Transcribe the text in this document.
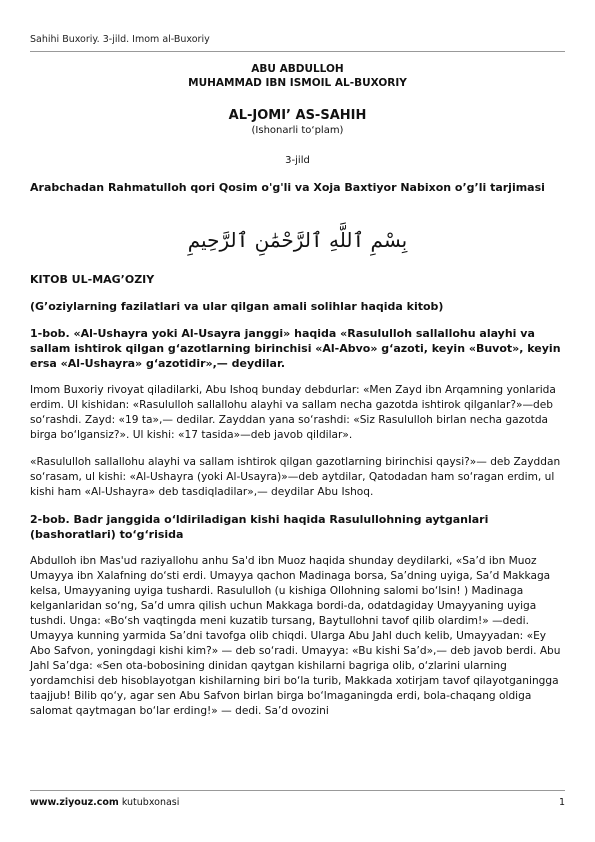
Sahihi Buxoriy. 3-jild. Imom al-Buxoriy
ABU ABDULLOH
MUHAMMAD IBN ISMOIL AL-BUXORIY
AL-JOMI’ AS-SAHIH
(Ishonarli to‘plam)
3-jild
Arabchadan Rahmatulloh qori Qosim o'g'li va Xoja Baxtiyor Nabixon o’g’li tarjimasi
بِسْمِ ٱللَّهِ ٱلرَّحْمَٰنِ ٱلرَّحِيمِ
KITOB UL-MAG’OZIY
(G’oziylarning fazilatlari va ular qilgan amali solihlar haqida kitob)
1-bob. «Al-Ushayra yoki Al-Usayra janggi» haqida «Rasululloh sallallohu alayhi va sallam ishtirok qilgan g‘azotlarning birinchisi «Al-Abvo» g‘azoti, keyin «Buvot», keyin ersa «Al-Ushayra» g‘azotidir»,— deydilar.
Imom Buxoriy rivoyat qiladilarki, Abu Ishoq bunday debdurlar: «Men Zayd ibn Arqamning yonlarida erdim. Ul kishidan: «Rasululloh sallallohu alayhi va sallam necha gazotda ishtirok qilganlar?»—deb so‘rashdi. Zayd: «19 ta»,— dedilar. Zayddan yana so‘rashdi: «Siz Rasululloh birlan necha gazotda birga bo‘lgansiz?». Ul kishi: «17 tasida»—deb javob qildilar».
«Rasululloh sallallohu alayhi va sallam ishtirok qilgan gazotlarning birinchisi qaysi?»— deb Zayddan so‘rasam, ul kishi: «Al-Ushayra (yoki Al-Usayra)»—deb aytdilar, Qatodadan ham so‘ragan erdim, ul kishi ham «Al-Ushayra» deb tasdiqladilar»,— deydilar Abu Ishoq.
2-bob. Badr janggida o‘ldiriladigan kishi haqida Rasulullohning aytganlari (bashoratlari) to‘g‘risida
Abdulloh ibn Mas'ud raziyallohu anhu Sa'd ibn Muoz haqida shunday deydilarki, «Sa’d ibn Muoz Umayya ibn Xalafning do‘sti erdi. Umayya qachon Madinaga borsa, Sa’dning uyiga, Sa’d Makkaga kelsa, Umayyaning uyiga tushardi. Rasululloh (u kishiga Ollohning salomi bo‘lsin! ) Madinaga kelganlaridan so‘ng, Sa’d umra qilish uchun Makkaga bordi-da, odatdagiday Umayyaning uyiga tushdi. Unga: «Bo‘sh vaqtingda meni kuzatib tursang, Baytullohni tavof qilib olardim!» —dedi. Umayya kunning yarmida Sa’dni tavofga olib chiqdi. Ularga Abu Jahl duch kelib, Umayyadan: «Ey Abo Safvon, yoningdagi kishi kim?» — deb so‘radi. Umayya: «Bu kishi Sa’d»,— deb javob berdi. Abu Jahl Sa’dga: «Sen ota-bobosining dinidan qaytgan kishilarni bagriga olib, o‘zlarini ularning yordamchisi deb hisoblayotgan kishilarning biri bo‘la turib, Makkada xotirjam tavof qilayotganingga taajjub! Bilib qo‘y, agar sen Abu Safvon birlan birga bo‘lmaganingda erdi, bola-chaqang oldiga salomat qaytmagan bo‘lar erding!» — dedi. Sa’d ovozini
www.ziyouz.com kutubxonasi	1
